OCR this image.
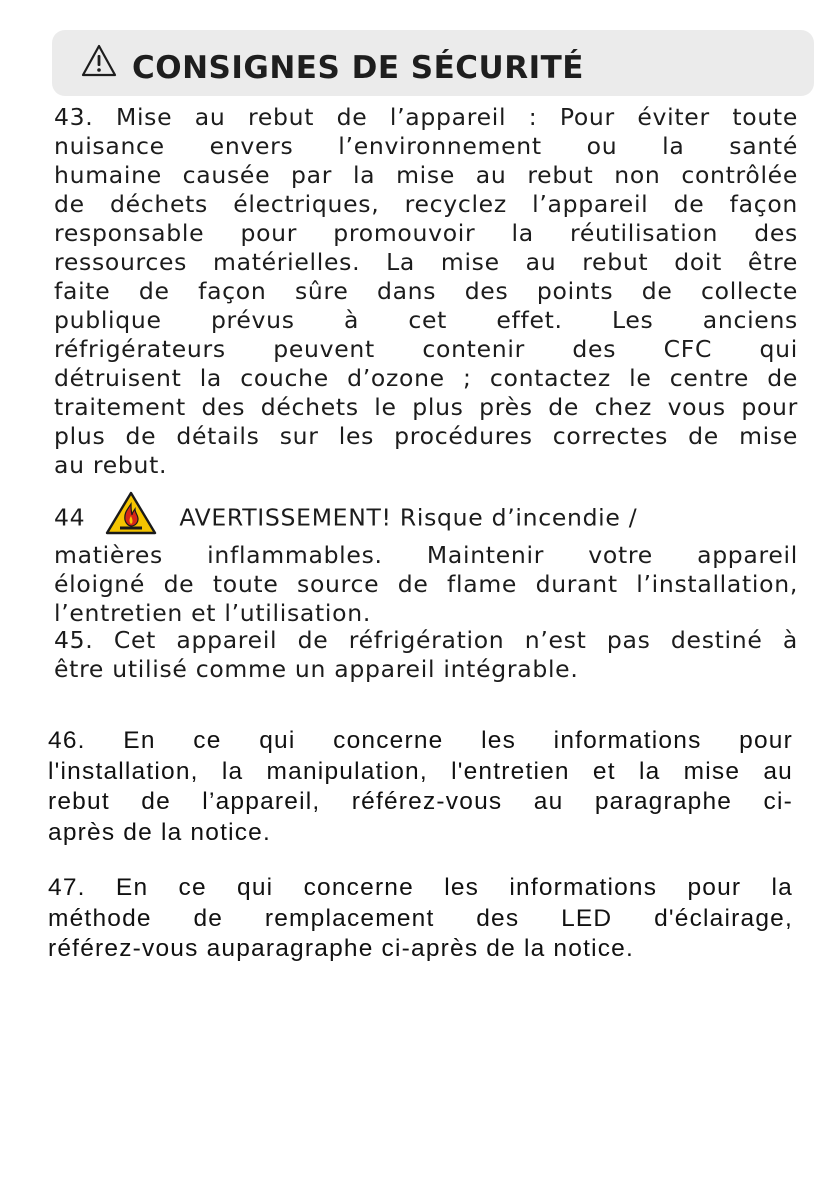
CONSIGNES DE SÉCURITÉ
43. Mise au rebut de l’appareil : Pour éviter toute
nuisance envers l’environnement ou la santé
humaine causée par la mise au rebut non contrôlée
de déchets électriques, recyclez l’appareil de façon
responsable pour promouvoir la réutilisation des
ressources matérielles. La mise au rebut doit être
faite de façon sûre dans des points de collecte
publique prévus à cet effet. Les anciens
réfrigérateurs peuvent contenir des CFC qui
détruisent la couche d’ozone ; contactez le centre de
traitement des déchets le plus près de chez vous pour
plus de détails sur les procédures correctes de mise
au rebut.
44	AVERTISSEMENT! Risque d’incendie /
matières inflammables. Maintenir votre appareil
éloigné de toute source de flame durant l’installation,
l’entretien et l’utilisation.
45. Cet appareil de réfrigération n’est pas destiné à
être utilisé comme un appareil intégrable.
46. En ce qui concerne les informations pour
l'installation, la manipulation, l'entretien et la mise au
rebut de l’appareil, référez-vous au paragraphe ci-
après de la notice.
47. En ce qui concerne les informations pour la
méthode de remplacement des LED d'éclairage,
référez-vous auparagraphe ci-après de la notice.
